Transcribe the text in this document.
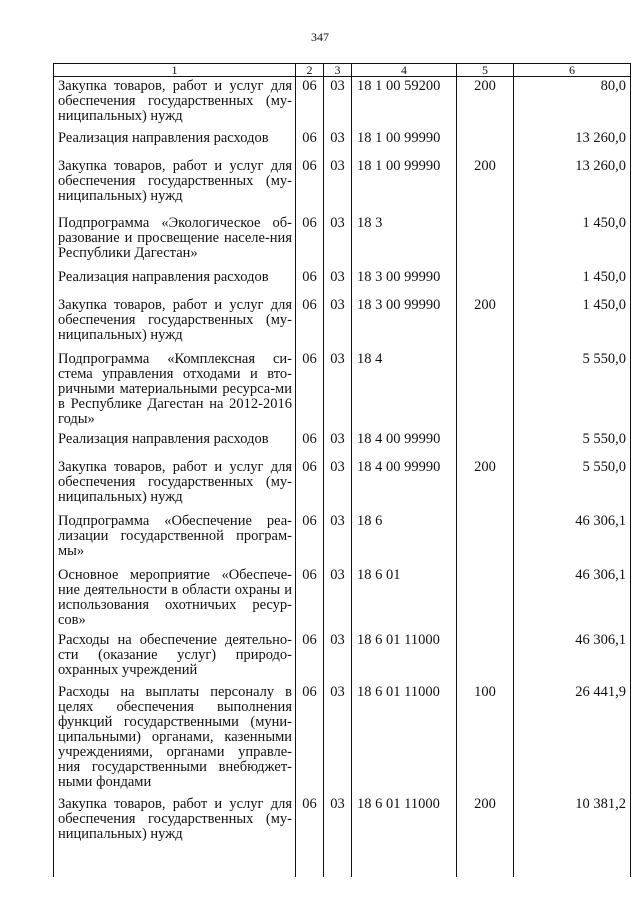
347
1	2	3	4	5	6
Закупка товаров, работ и услуг для обеспечения государственных (му-ниципальных) нужд	06	03	18 1 00 59200	200	80,0
Реализация направления расходов	06	03	18 1 00 99990		13 260,0
Закупка товаров, работ и услуг для обеспечения государственных (му-ниципальных) нужд	06	03	18 1 00 99990	200	13 260,0
Подпрограмма «Экологическое об-разование и просвещение населе-ния Республики Дагестан»	06	03	18 3		1 450,0
Реализация направления расходов	06	03	18 3 00 99990		1 450,0
Закупка товаров, работ и услуг для обеспечения государственных (му-ниципальных) нужд	06	03	18 3 00 99990	200	1 450,0
Подпрограмма «Комплексная си-стема управления отходами и вто-ричными материальными ресурса-ми в Республике Дагестан на 2012-2016 годы»	06	03	18 4		5 550,0
Реализация направления расходов	06	03	18 4 00 99990		5 550,0
Закупка товаров, работ и услуг для обеспечения государственных (му-ниципальных) нужд	06	03	18 4 00 99990	200	5 550,0
Подпрограмма «Обеспечение реа-лизации государственной програм-мы»	06	03	18 6		46 306,1
Основное мероприятие «Обеспече-ние деятельности в области охраны и использования охотничьих ресур-сов»	06	03	18 6 01		46 306,1
Расходы на обеспечение деятельно-сти (оказание услуг) природо-охранных учреждений	06	03	18 6 01 11000		46 306,1
Расходы на выплаты персоналу в целях обеспечения выполнения функций государственными (муни-ципальными) органами, казенными учреждениями, органами управле-ния государственными внебюджет-ными фондами	06	03	18 6 01 11000	100	26 441,9
Закупка товаров, работ и услуг для обеспечения государственных (му-ниципальных) нужд	06	03	18 6 01 11000	200	10 381,2
